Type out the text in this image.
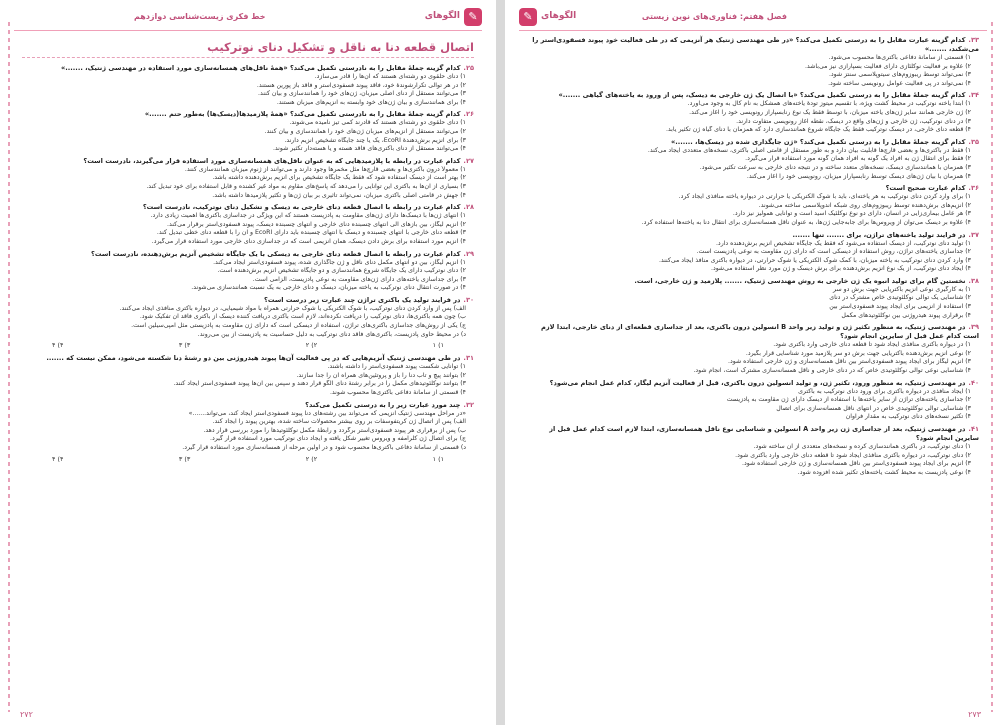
✎
الگوهای
خط فکری زیست‌شناسی دوازدهم
اتصال قطعه دنا به ناقل و تشکیل دنای نوترکیب
۲۵.کدام گزینه جملهٔ مقابل را به نادرستی تکمیل می‌کند؟ «همهٔ ناقل‌های همسانه‌سازی مورد استفاده در مهندسی ژنتیک، .......»
۱) دنای حلقوی دو رشته‌ای هستند که آن‌ها را قادر می‌سازد.
۲) در هر توالی تکرارشوندهٔ خود، فاقد پیوند فسفودی‌استر و فاقد باز پورین هستند.
۳) می‌توانند مستقل از دنای اصلی میزبان، ژن‌های خود را همانندسازی و بیان کنند.
۴) برای همانندسازی و بیان ژن‌های خود وابسته به آنزیم‌های میزبان هستند.
۲۶.کدام گزینه جملهٔ مقابل را به نادرستی تکمیل می‌کند؟ «همهٔ پلازمیدها(دیسک‌ها) به‌طور حتم .......»
۱) دنای حلقوی دو رشته‌ای هستند که قادرند کمی تیز نامیده می‌شوند.
۲) می‌توانند مستقل از آنزیم‌های میزبان ژن‌های خود را همانندسازی و بیان کنند.
۳) برای آنزیم برش‌دهندهٔ EcoRI، یک یا چند جایگاه تشخیص آنزیم دارند.
۴) می‌توانند مستقل از دنای باکتری‌های فاقد هسته و یا هسته‌دار تکثیر شوند.
۲۷.کدام عبارت در رابطه با پلازمیدهایی که به عنوان ناقل‌های همسانه‌سازی مورد استفاده قرار می‌گیرند، نادرست است؟
۱) معمولاً درون باکتری‌ها و بعضی قارچ‌ها مثل مخمرها وجود دارند و می‌توانند از ژنوم میزبان همانندسازی کنند.
۲) بهتر است از دیسک استفاده شود که فقط یک جایگاه تشخیص برای آنزیم برش‌دهنده داشته باشد.
۳) بسیاری از آن‌ها به باکتری این توانایی را می‌دهد که پاسخ‌های مقاوم به مواد غیر کشنده و قابل استفاده برای خود تبدیل کند.
۴) جهش در قامتی اصلی باکتری میزبان، نمی‌تواند تأثیری بر بیان ژن‌ها و تکثیر پلازمیدها داشته باشد.
۲۸.کدام عبارت در رابطه با اتصال قطعه دنای خارجی به دیسک و تشکیل دنای نوترکیب، نادرست است؟
۱) انتهای ژن‌ها با دیسک‌ها دارای ژن‌های مقاومت به پادزیست هستند که این ویژگی در جداسازی باکتری‌ها اهمیت زیادی دارد.
۲) آنزیم لیگاز، بین بازهای آلی انتهای چسبنده دنای خارجی و انتهای چسبنده دیسک، پیوند فسفودی‌استر برقرار می‌کند.
۳) قطعه دنای خارجی با انتهای چسبنده و دیسک با انتهای چسبنده باید دارای EcoRI و آن را با قطعه دنای خطی تبدیل کند.
۴) آنزیم مورد استفاده برای برش دادن دیسک، همان آنزیمی است که در جداسازی دنای خارجی مورد استفاده قرار می‌گیرد.
۲۹.کدام عبارت در رابطه با اتصال قطعه دنای خارجی به دیسکی با یک جایگاه تشخیص آنزیم برش‌دهنده، نادرست است؟
۱) آنزیم لیگاز، بین دو انتهای مکمل دنای ناقل و ژن جاگذاری شده، پیوند فسفودی‌استر ایجاد می‌کند.
۲) دنای نوترکیب دارای یک جایگاه شروع همانندسازی و دو جایگاه تشخیص آنزیم برش‌دهنده است.
۳) برای جداسازی یاخته‌های دارای ژن‌های مقاومت به نوعی پادزیست، الزامی است.
۴) در صورت انتقال دنای نوترکیب به یاخته میزبان، دیسک و دنای خارجی به یک نسبت همانندسازی می‌شوند.
۳۰.در فرایند تولید یک باکتری تراژن چند عبارت زیر درست است؟
الف) پس از وارد کردن دنای نوترکیب، با شوک الکتریکی یا شوک حرارتی همراه با مواد شیمیایی، در دیواره باکتری منافذی ایجاد می‌کنند.
ب) چون همه باکتری‌ها، دنای نوترکیب را دریافت نکرده‌اند، لازم است باکتری دریافت کننده دیسک از باکتری فاقد آن تفکیک شود.
ج) یکی از روش‌های جداسازی باکتری‌های تراژن، استفاده از دیسکی است که دارای ژن مقاومت به پادزیستی مثل آمپی‌سیلین است.
د) در محیط حاوی پادزیست، باکتری‌های فاقد دنای نوترکیب به دلیل حساسیت به پادزیست از بین می‌روند.
۱) ۱
۲) ۲
۳) ۳
۴) ۴
۳۱.در طی مهندسی ژنتیک آنزیم‌هایی که در پی فعالیت آن‌ها پیوند هیدروژنی بین دو رشتهٔ دنا شکسته می‌شود، ممکن نیست که .......
۱) توانایی شکست پیوند فسفودی‌استر را داشته باشند.
۲) بتوانند پیچ و تاب دنا را باز و پروتئین‌های همراه آن را جدا سازند.
۳) بتوانند نوکلئوتیدهای مکمل را در برابر رشتهٔ دنای الگو قرار دهند و سپس بین آن‌ها پیوند فسفودی‌استر ایجاد کنند.
۴) قسمتی از سامانهٔ دفاعی باکتری‌ها محسوب شوند.
۳۲.چند مورد عبارت زیر را به درستی تکمیل می‌کند؟
«در مراحل مهندسی ژنتیک آنزیمی که می‌تواند بین رشته‌های دنا پیوند فسفودی‌استر ایجاد کند، می‌تواند.......»
الف) پس از اتصال ژن کریتفوسفات بر روی بیشتر محصولات ساخته شده، بهترین پیوند را ایجاد کند.
ب) پس از برقراری هر پیوند فسفودی‌استر برگردد و رابطهٔ مکمل نوکلئوتیدها را مورد بررسی قرار دهد.
ج) برای اتصال ژن کلرامفه و ویروس تغییر شکل یافته و ایجاد دنای نوترکیب مورد استفاده قرار گیرد.
د) قسمتی از سامانهٔ دفاعی باکتری‌ها محسوب شود و در اولین مرحله از همسانه‌سازی مورد استفاده قرار گیرد.
۱) ۱
۲) ۲
۳) ۳
۴) ۴
۲۷۲
✎ الگوهای	فصل هفتم: فناوری‌های نوین زیستی
۳۳.کدام گزینه عبارت مقابل را به درستی تکمیل می‌کند؟ «در طی مهندسی ژنتیک هر آنزیمی که در طی فعالیت خود پیوند فسفودی‌استر را می‌شکند، .......»
۱) قسمتی از سامانهٔ دفاعی باکتری‌ها محسوب می‌شود.
۲) علاوه بر فعالیت نوکلئازی دارای فعالیت بسپارازی نیز می‌باشد.
۳) نمی‌تواند توسط ریبوزوم‌های سیتوپلاسمی سنتز شود.
۴) نمی‌تواند در پی فعالیت عوامل رونویسی ساخته شود.
۳۴.کدام گزینه جملهٔ مقابل را به درستی تکمیل می‌کند؟ «با اتصال یک ژن خارجی به دیسک، پس از ورود به یاخته‌های گیاهی .......»
۱) ابتدا یاخته نوترکیب در محیط کشت ویژه، با تقسیم میتوز تودهٔ یاخته‌های همشکل به نام کال به وجود می‌آورد.
۲) ژن خارجی همانند سایر ژن‌های یاخته میزبان، با توسط فقط یک نوع رنابسپاراز رونویسی خود را آغاز می‌کند.
۳) در دنای نوترکیب، ژن خارجی و ژن‌های واقع در دیسک، نقطه آغاز رونویسی متفاوت دارند.
۴) قطعه دنای خارجی، در دیسک نوترکیب فقط یک جایگاه شروع همانندسازی دارد که همزمان با دنای گیاه ژن تکثیر یابد.
۳۵.کدام گزینه جملهٔ مقابل را به درستی تکمیل می‌کند؟ «ژن جایگذاری شده در دیسک‌ها، .......»
۱) فقط در باکتری‌ها و بعضی قارچ‌ها قابلیت بیان دارد و به طور مستقل از قامتی اصلی باکتری، نسخه‌های متعددی ایجاد می‌کند.
۲) فقط برای انتقال ژن به افراد یک گونه به افراد همان گونه مورد استفاده قرار می‌گیرد.
۳) همزمان با همانندسازی دیسک، نسخه‌های متعدد ساخته و در نتیجه دنای خارجی به سرعت تکثیر می‌شود.
۴) همزمان با بیان ژن‌های دیسک توسط رنابسپاراز میزبان، رونویسی خود را آغاز می‌کند.
۳۶.کدام عبارت صحیح است؟
۱) برای وارد کردن دنای نوترکیب به هر یاخته‌ای، باید با شوک الکتریکی یا حرارتی در دیواره یاخته منافذی ایجاد کرد.
۲) آنزیم‌های برش‌دهنده توسط ریبوزوم‌های روی شبکه آندوپلاسمی ساخته می‌شوند.
۳) هر عامل بیماری‌زایی در انسان، دارای دو نوع نوکلئیک اسید است و توانایی همولیز نیز دارد.
۴) علاوه بر دیسک می‌توان از ویروس‌ها برای جابه‌جایی ژن‌ها، به عنوان ناقل همسانه‌سازی برای انتقال دنا به یاخته‌ها استفاده کرد.
۳۷.در فرایند تولید یاخته‌های تراژن، برای ....... تنها .......
۱) تولید دنای نوترکیب، از دیسک استفاده می‌شود که فقط یک جایگاه تشخیص آنزیم برش‌دهنده دارد.
۲) جداسازی یاخته‌های تراژن، روش استفاده از دیسکی است که دارای ژن مقاومت به نوعی پادزیست است.
۳) وارد کردن دنای نوترکیب به یاخته میزبان، با کمک شوک الکتریکی یا شوک حرارتی، در دیواره باکتری منافذ ایجاد می‌کنند.
۴) ایجاد دنای نوترکیب، از یک نوع آنزیم برش‌دهنده برای برش دیسک و ژن مورد نظر استفاده می‌شود.
۳۸.نخستین گام برای تولید انبوه یک ژن خارجی به روش مهندسی ژنتیک، ....... پلازمید و ژن خارجی، است.
۱) به کارگیری نوعی آنزیم باکتریایی جهت برش دو سر
۲) شناسایی یک توالی نوکلئوتیدی خاص مشترک در دنای
۳) استفاده از آنزیمی برای ایجاد پیوند فسفودی‌استر بین
۴) برقراری پیوند هیدروژنی بین نوکلئوتیدهای مکمل
۳۹.در مهندسی ژنتیک، به منظور تکثیر ژن و تولید زیر واحد B انسولین درون باکتری، بعد از جداسازی قطعه‌ای از دنای خارجی، ابتدا لازم است کدام عمل قبل از سایرین انجام شود؟
۱) در دیواره باکتری منافذی ایجاد شود تا قطعه دنای خارجی وارد باکتری شود.
۲) نوعی آنزیم برش‌دهنده باکتریایی جهت برش دو سر پلازمید مورد شناسایی قرار بگیرد.
۳) آنزیم لیگاز برای ایجاد پیوند فسفودی‌استر بین ناقل همسانه‌سازی و ژن خارجی استفاده شود.
۴) شناسایی نوعی توالی نوکلئوتیدی خاص که در دنای خارجی و ناقل همسانه‌سازی مشترک است، انجام شود.
۴۰.در مهندسی ژنتیک، به منظور ورود، تکثیر ژن، و تولید انسولین درون باکتری، قبل از فعالیت آنزیم لیگاز، کدام عمل انجام می‌شود؟
۱) ایجاد منافذی در دیواره باکتری برای ورود دنای نوترکیب به باکتری
۲) جداسازی یاخته‌های تراژن از سایر یاخته‌ها با استفاده از دیسک دارای ژن مقاومت به پادزیست
۳) شناسایی توالی نوکلئوتیدی خاص در انتهای ناقل همسانه‌سازی برای اتصال
۴) تکثیر نسخه‌های دنای نوترکیب به مقدار فراوان
۴۱.در مهندسی ژنتیک، بعد از جداسازی ژن زیر واحد A انسولین و شناسایی نوع ناقل همسانه‌سازی، ابتدا لازم است کدام عمل قبل از سایرین انجام شود؟
۱) دنای نوترکیب، در باکتری همانندسازی کرده و نسخه‌های متعددی از آن ساخته شود.
۲) دنای نوترکیب، در دیواره باکتری منافذی ایجاد شود تا قطعه دنای خارجی وارد باکتری شود.
۳) آنزیم برای ایجاد پیوند فسفودی‌استر بین ناقل همسانه‌سازی و ژن خارجی استفاده شود.
۴) نوعی پادزیست به محیط کشت یاخته‌های تکثیر شده افزوده شود.
۲۷۳
